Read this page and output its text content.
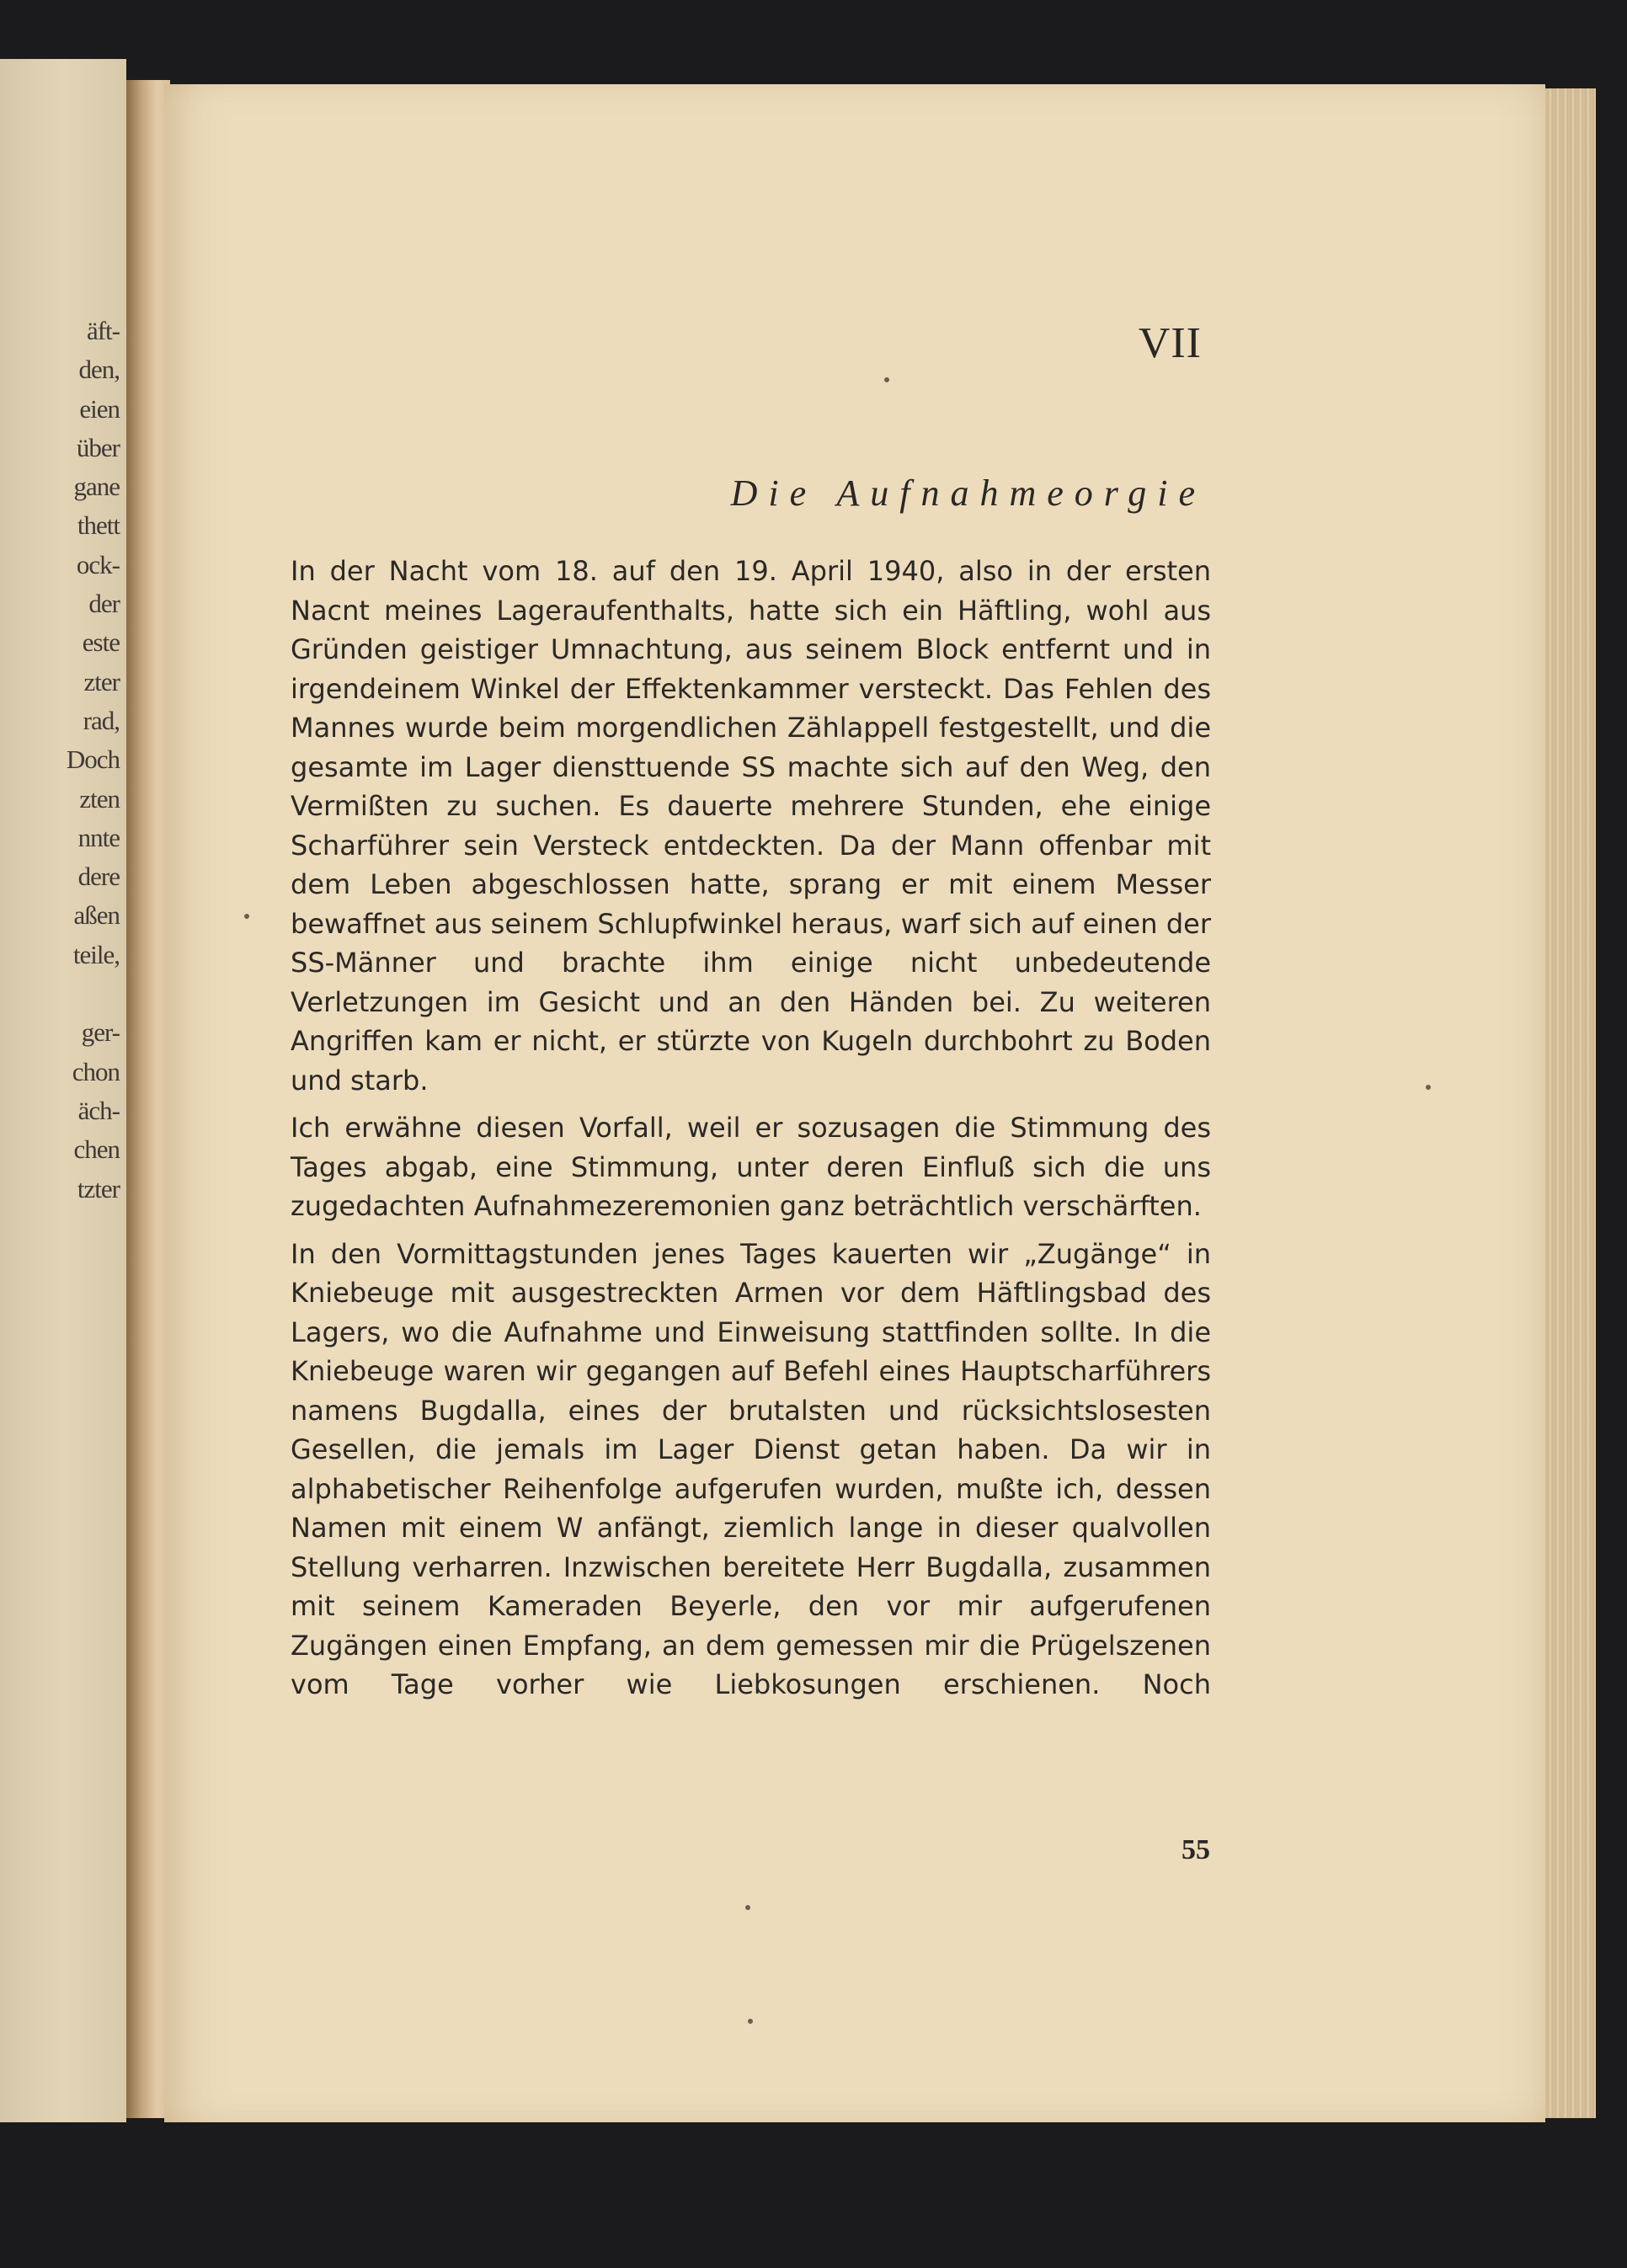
äft-
den,
eien
über
gane
thett
ock-
der
este
zter
rad,
Doch
zten
nnte
dere
aßen
teile,

ger-
chon
äch-
chen
tzter
VII
Die Aufnahmeorgie

In der Nacht vom 18. auf den 19. April 1940, also in der ersten Nacnt meines Lageraufenthalts, hatte sich ein Häftling, wohl aus Gründen geistiger Umnachtung, aus seinem Block entfernt und in irgendeinem Winkel der Effektenkammer versteckt. Das Fehlen des Mannes wurde beim morgendlichen Zählappell festgestellt, und die gesamte im Lager diensttuende SS machte sich auf den Weg, den Vermißten zu suchen. Es dauerte mehrere Stunden, ehe einige Scharführer sein Versteck entdeckten. Da der Mann offenbar mit dem Leben abgeschlossen hatte, sprang er mit einem Messer bewaffnet aus seinem Schlupfwinkel heraus, warf sich auf einen der SS-Männer und brachte ihm einige nicht unbedeutende Verletzungen im Gesicht und an den Händen bei. Zu weiteren Angriffen kam er nicht, er stürzte von Kugeln durchbohrt zu Boden und starb.

Ich erwähne diesen Vorfall, weil er sozusagen die Stimmung des Tages abgab, eine Stimmung, unter deren Einfluß sich die uns zugedachten Aufnahmezeremonien ganz beträchtlich verschärften.

In den Vormittagstunden jenes Tages kauerten wir „Zugänge“ in Kniebeuge mit ausgestreckten Armen vor dem Häftlingsbad des Lagers, wo die Aufnahme und Einweisung stattfinden sollte. In die Kniebeuge waren wir gegangen auf Befehl eines Hauptscharführers namens Bugdalla, eines der brutalsten und rücksichtslosesten Gesellen, die jemals im Lager Dienst getan haben. Da wir in alphabetischer Reihenfolge aufgerufen wurden, mußte ich, dessen Namen mit einem W anfängt, ziemlich lange in dieser qualvollen Stellung verharren. Inzwischen bereitete Herr Bugdalla, zusammen mit seinem Kameraden Beyerle, den vor mir aufgerufenen Zugängen einen Empfang, an dem gemessen mir die Prügelszenen vom Tage vorher wie Liebkosungen erschienen. Noch

55
